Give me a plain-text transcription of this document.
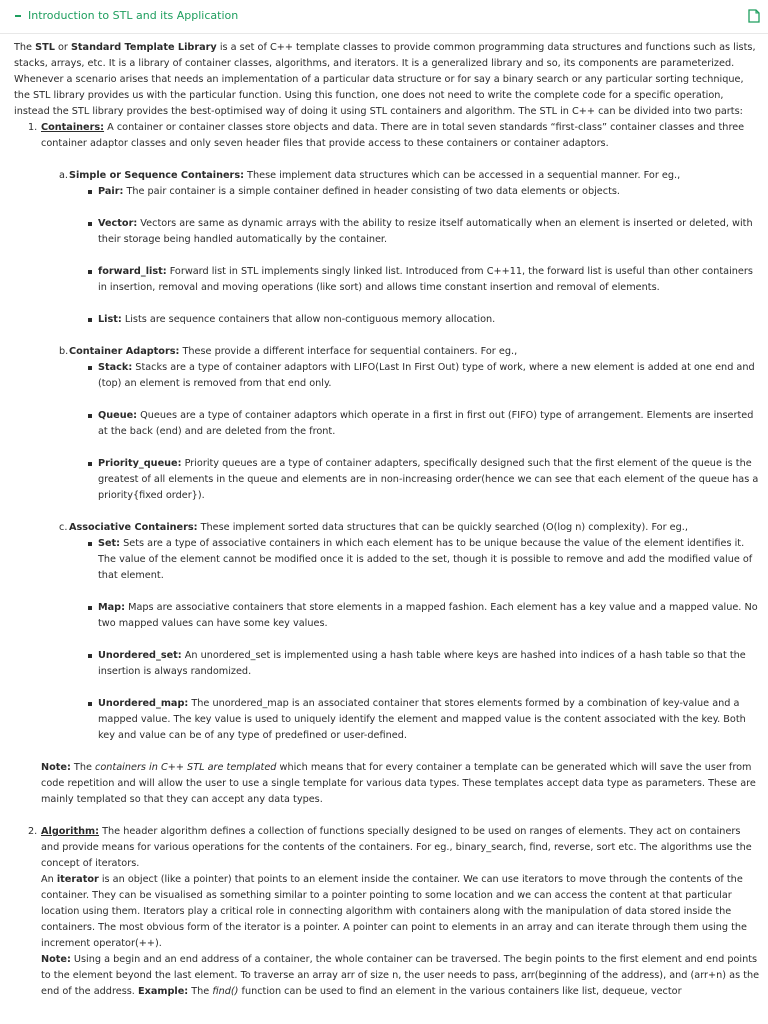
Introduction to STL and its Application

The STL or Standard Template Library is a set of C++ template classes to provide common programming data structures and functions such as lists, stacks, arrays, etc. It is a library of container classes, algorithms, and iterators. It is a generalized library and so, its components are parameterized. Whenever a scenario arises that needs an implementation of a particular data structure or for say a binary search or any particular sorting technique, the STL library provides us with the particular function. Using this function, one does not need to write the complete code for a specific operation, instead the STL library provides the best-optimised way of doing it using STL containers and algorithm. The STL in C++ can be divided into two parts:

1. Containers: A container or container classes store objects and data. There are in total seven standards “first-class” container classes and three container adaptor classes and only seven header files that provide access to these containers or container adaptors.
a. Simple or Sequence Containers: These implement data structures which can be accessed in a sequential manner. For eg.,
Pair: The pair container is a simple container defined in header consisting of two data elements or objects.
Vector: Vectors are same as dynamic arrays with the ability to resize itself automatically when an element is inserted or deleted, with their storage being handled automatically by the container.
forward_list: Forward list in STL implements singly linked list. Introduced from C++11, the forward list is useful than other containers in insertion, removal and moving operations (like sort) and allows time constant insertion and removal of elements.
List: Lists are sequence containers that allow non-contiguous memory allocation.
b. Container Adaptors: These provide a different interface for sequential containers. For eg.,
Stack: Stacks are a type of container adaptors with LIFO(Last In First Out) type of work, where a new element is added at one end and (top) an element is removed from that end only.
Queue: Queues are a type of container adaptors which operate in a first in first out (FIFO) type of arrangement. Elements are inserted at the back (end) and are deleted from the front.
Priority_queue: Priority queues are a type of container adapters, specifically designed such that the first element of the queue is the greatest of all elements in the queue and elements are in non-increasing order(hence we can see that each element of the queue has a priority{fixed order}).
c. Associative Containers: These implement sorted data structures that can be quickly searched (O(log n) complexity). For eg.,
Set: Sets are a type of associative containers in which each element has to be unique because the value of the element identifies it. The value of the element cannot be modified once it is added to the set, though it is possible to remove and add the modified value of that element.
Map: Maps are associative containers that store elements in a mapped fashion. Each element has a key value and a mapped value. No two mapped values can have some key values.
Unordered_set: An unordered_set is implemented using a hash table where keys are hashed into indices of a hash table so that the insertion is always randomized.
Unordered_map: The unordered_map is an associated container that stores elements formed by a combination of key-value and a mapped value. The key value is used to uniquely identify the element and mapped value is the content associated with the key. Both key and value can be of any type of predefined or user-defined.

Note: The containers in C++ STL are templated which means that for every container a template can be generated which will save the user from code repetition and will allow the user to use a single template for various data types. These templates accept data type as parameters. These are mainly templated so that they can accept any data types.

2. Algorithm: The header algorithm defines a collection of functions specially designed to be used on ranges of elements. They act on containers and provide means for various operations for the contents of the containers. For eg., binary_search, find, reverse, sort etc. The algorithms use the concept of iterators.

An iterator is an object (like a pointer) that points to an element inside the container. We can use iterators to move through the contents of the container. They can be visualised as something similar to a pointer pointing to some location and we can access the content at that particular location using them. Iterators play a critical role in connecting algorithm with containers along with the manipulation of data stored inside the containers. The most obvious form of the iterator is a pointer. A pointer can point to elements in an array and can iterate through them using the increment operator(++).

Note: Using a begin and an end address of a container, the whole container can be traversed. The begin points to the first element and end points to the element beyond the last element. To traverse an array arr of size n, the user needs to pass, arr(beginning of the address), and (arr+n) as the end of the address. Example: The find() function can be used to find an element in the various containers like list, dequeue, vector
